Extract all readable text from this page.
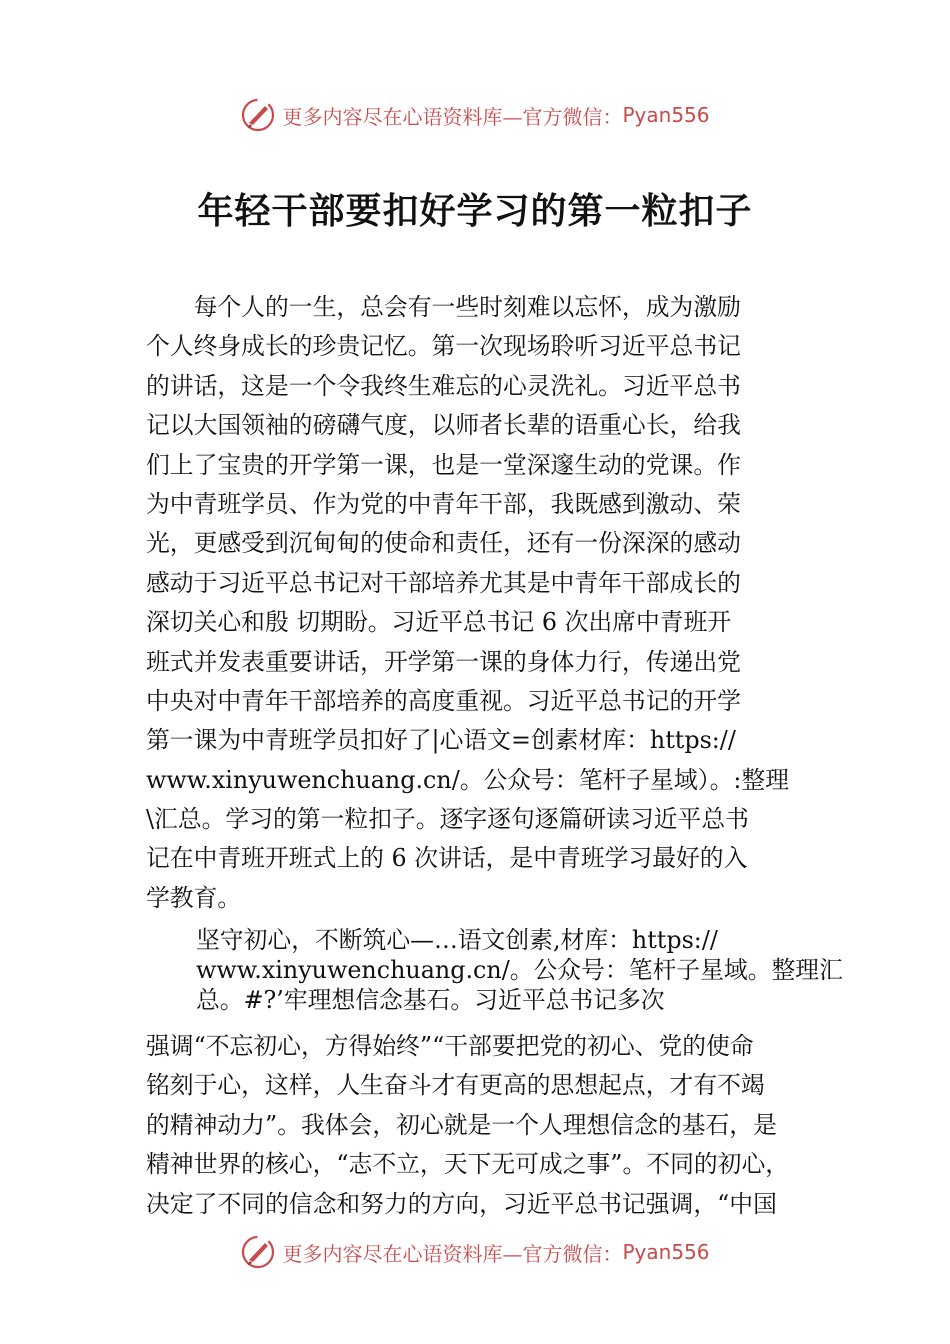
更多内容尽在心语资料库—官方微信： Pyan556
年轻干部要扣好学习的第一粒扣子
　　每个人的一生，总会有一些时刻难以忘怀，成为激励
个人终身成长的珍贵记忆。第一次现场聆听习近平总书记
的讲话，这是一个令我终生难忘的心灵洗礼。习近平总书
记以大国领袖的磅礴气度，以师者长辈的语重心长，给我
们上了宝贵的开学第一课，也是一堂深邃生动的党课。作
为中青班学员、作为党的中青年干部，我既感到激动、荣
光，更感受到沉甸甸的使命和责任，还有一份深深的感动
感动于习近平总书记对干部培养尤其是中青年干部成长的
深切关心和殷 切期盼。习近平总书记 6 次出席中青班开
班式并发表重要讲话，开学第一课的身体力行，传递出党
中央对中青年干部培养的高度重视。习近平总书记的开学
第一课为中青班学员扣好了|心语文=创素材库：https://
www.xinyuwenchuang.cn/。公众号：笔杆子星域）。:整理
\汇总。学习的第一粒扣子。逐字逐句逐篇研读习近平总书
记在中青班开班式上的 6 次讲话，是中青班学习最好的入
学教育。
坚守初心，不断筑心—…语文创素,材库：https://
www.xinyuwenchuang.cn/。公众号：笔杆子星域。整理汇
总。#?’牢理想信念基石。习近平总书记多次
强调“不忘初心，方得始终”“干部要把党的初心、党的使命
铭刻于心，这样，人生奋斗才有更高的思想起点，才有不竭
的精神动力”。我体会，初心就是一个人理想信念的基石，是
精神世界的核心，“志不立，天下无可成之事”。不同的初心，
决定了不同的信念和努力的方向，习近平总书记强调，“中国
更多内容尽在心语资料库—官方微信： Pyan556
